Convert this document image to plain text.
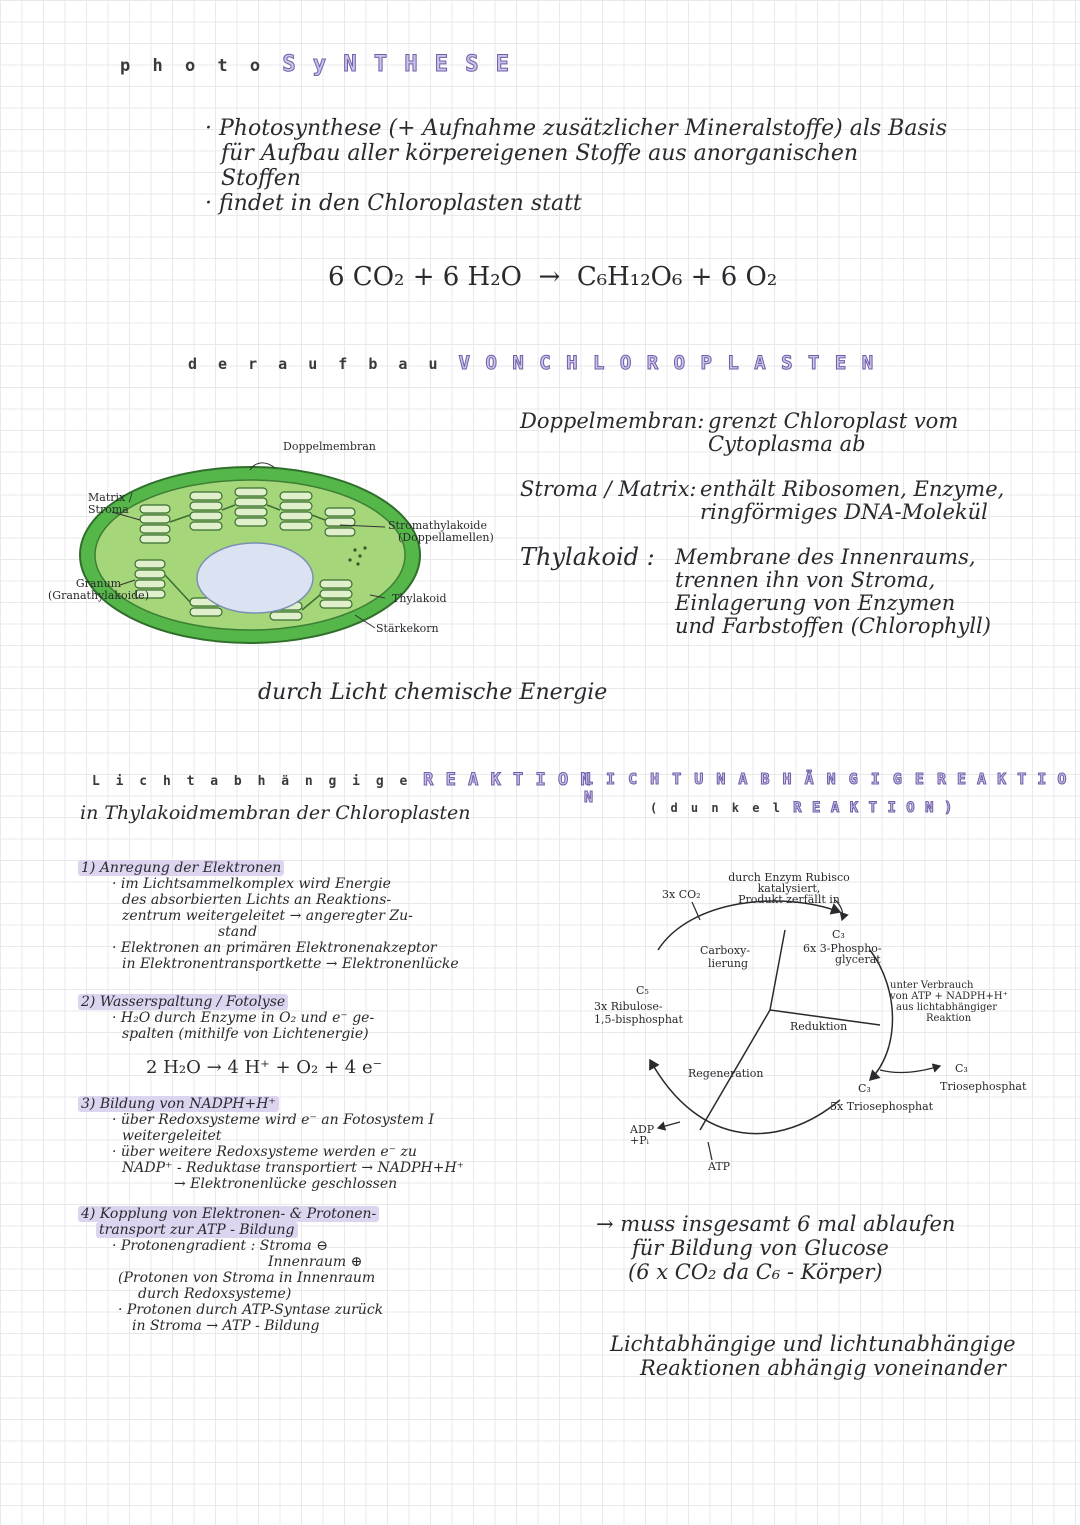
p h o t o S y N T H E S E
· Photosynthese (+ Aufnahme zusätzlicher Mineralstoffe) als Basis
für Aufbau aller körpereigenen Stoffe aus anorganischen
Stoffen
· findet in den Chloroplasten statt
6 CO₂ + 6 H₂O  →  C₆H₁₂O₆ + 6 O₂
d e r a u f b a u V O N C H L O R O P L A S T E N
Doppelmembran
Matrix / Stroma
Stromathylakoide
(Doppellamellen)
Granum
(Granathylakoide)	Thylakoid
Stärkekorn
Doppelmembran: grenzt Chloroplast vom
Cytoplasma ab
Stroma / Matrix: enthält Ribosomen, Enzyme,
ringförmiges DNA-Molekül
Thylakoid : Membrane des Innenraums,
trennen ihn von Stroma,
Einlagerung von Enzymen
und Farbstoffen (Chlorophyll)
durch Licht chemische Energie
L i c h t a b h ä n g i g e R E A K T I O N
in Thylakoidmembran der Chloroplasten
1) Anregung der Elektronen
· im Lichtsammelkomplex wird Energie
des absorbierten Lichts an Reaktions-
zentrum weitergeleitet → angeregter Zu-
stand
· Elektronen an primären Elektronenakzeptor
in Elektronentransportkette → Elektronenlücke
2) Wasserspaltung / Fotolyse
· H₂O durch Enzyme in O₂ und e⁻ ge-
spalten (mithilfe von Lichtenergie)
2 H₂O → 4 H⁺ + O₂ + 4 e⁻
3) Bildung von NADPH+H⁺
· über Redoxsysteme wird e⁻ an Fotosystem I
weitergeleitet
· über weitere Redoxsysteme werden e⁻ zu
NADP⁺ - Reduktase transportiert → NADPH+H⁺
→ Elektronenlücke geschlossen
4) Kopplung von Elektronen- & Protonen-
transport zur ATP - Bildung
· Protonengradient : Stroma ⊖
Innenraum ⊕
(Protonen von Stroma in Innenraum
durch Redoxsysteme)
· Protonen durch ATP-Syntase zurück
in Stroma → ATP - Bildung
L I C H T U N A B H Ä N G I G E R E A K T I O N
( d u n k e l R E A K T I O N )
3x CO₂
durch Enzym Rubisco
katalysiert,
Produkt zerfällt in
C₃
6x 3-Phospho-
glycerat
Carboxy-
lierung
Reduktion
Regeneration
unter Verbrauch
von ATP + NADPH+H⁺
aus lichtabhängiger
Reaktion
C₃
Triosephosphat
C₃
5x Triosephosphat
C₅
3x Ribulose-
1,5-bisphosphat
ADP
+Pᵢ
ATP
→ muss insgesamt 6 mal ablaufen
für Bildung von Glucose
(6 x CO₂ da C₆ - Körper)
Lichtabhängige und lichtunabhängige
Reaktionen abhängig voneinander
